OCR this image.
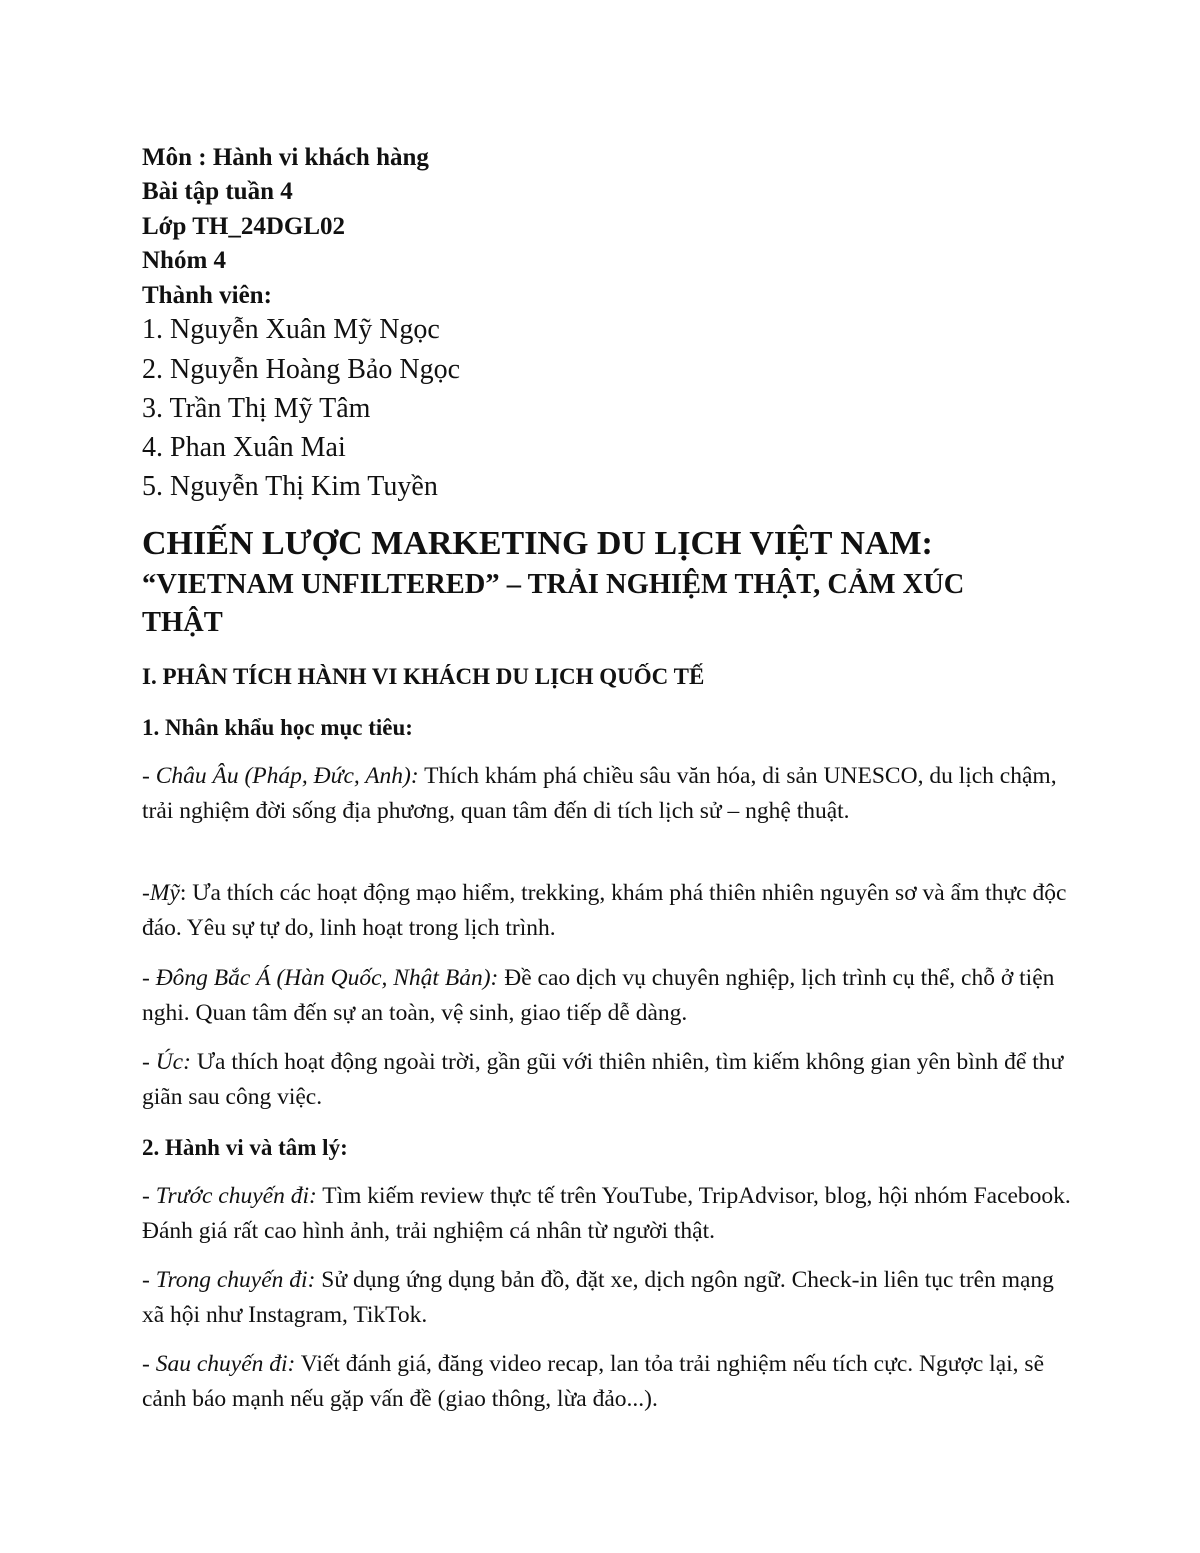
Môn : Hành vi khách hàng
Bài tập tuần 4
Lớp TH_24DGL02
Nhóm 4
Thành viên:
1. Nguyễn Xuân Mỹ Ngọc
2. Nguyễn Hoàng Bảo Ngọc
3. Trần Thị Mỹ Tâm
4. Phan Xuân Mai
5. Nguyễn Thị Kim Tuyền
CHIẾN LƯỢC MARKETING DU LỊCH VIỆT NAM:
“VIETNAM UNFILTERED” – TRẢI NGHIỆM THẬT, CẢM XÚC
THẬT
I. PHÂN TÍCH HÀNH VI KHÁCH DU LỊCH QUỐC TẾ
1. Nhân khẩu học mục tiêu:
- Châu Âu (Pháp, Đức, Anh): Thích khám phá chiều sâu văn hóa, di sản UNESCO, du lịch chậm, trải nghiệm đời sống địa phương, quan tâm đến di tích lịch sử – nghệ thuật.
-Mỹ: Ưa thích các hoạt động mạo hiểm, trekking, khám phá thiên nhiên nguyên sơ và ẩm thực độc đáo. Yêu sự tự do, linh hoạt trong lịch trình.
- Đông Bắc Á (Hàn Quốc, Nhật Bản): Đề cao dịch vụ chuyên nghiệp, lịch trình cụ thể, chỗ ở tiện nghi. Quan tâm đến sự an toàn, vệ sinh, giao tiếp dễ dàng.
- Úc: Ưa thích hoạt động ngoài trời, gần gũi với thiên nhiên, tìm kiếm không gian yên bình để thư giãn sau công việc.
2. Hành vi và tâm lý:
- Trước chuyến đi: Tìm kiếm review thực tế trên YouTube, TripAdvisor, blog, hội nhóm Facebook. Đánh giá rất cao hình ảnh, trải nghiệm cá nhân từ người thật.
- Trong chuyến đi: Sử dụng ứng dụng bản đồ, đặt xe, dịch ngôn ngữ. Check-in liên tục trên mạng xã hội như Instagram, TikTok.
- Sau chuyến đi: Viết đánh giá, đăng video recap, lan tỏa trải nghiệm nếu tích cực. Ngược lại, sẽ cảnh báo mạnh nếu gặp vấn đề (giao thông, lừa đảo...).
